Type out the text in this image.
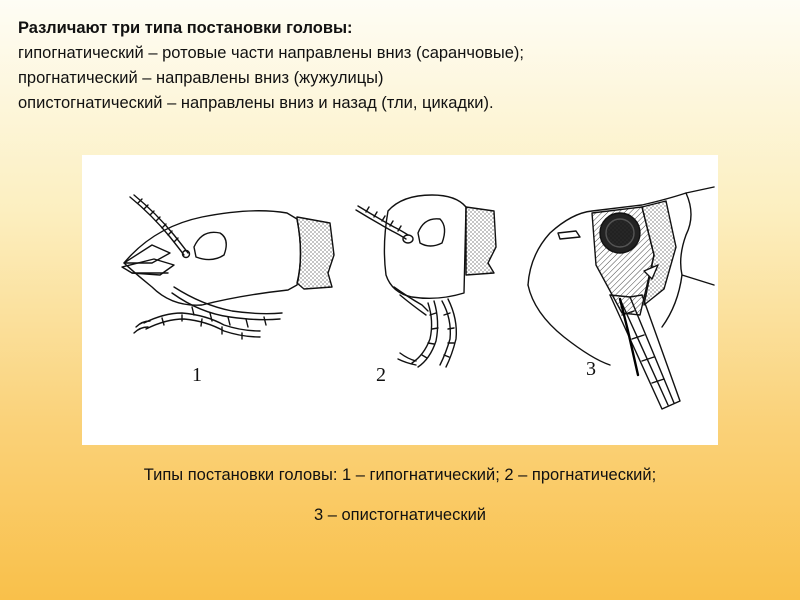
Различают три типа постановки головы:

гипогнатический – ротовые части направлены вниз (саранчовые);

прогнатический – направлены вниз (жужулицы)

опистогнатический – направлены вниз и назад (тли, цикадки).

1	2	3
Типы постановки головы: 1 – гипогнатический; 2 – прогнатический;
3 – опистогнатический
